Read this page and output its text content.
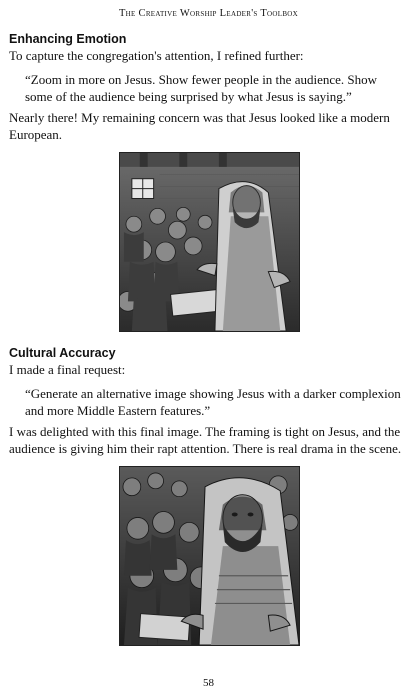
The Creative Worship Leader's Toolbox
Enhancing Emotion

To capture the congregation's attention, I refined further:

“Zoom in more on Jesus. Show fewer people in the audience. Show some of the audience being surprised by what Jesus is saying.”

Nearly there! My remaining concern was that Jesus looked like a modern European.

Cultural Accuracy

I made a final request:

“Generate an alternative image showing Jesus with a darker complexion and more Middle Eastern features.”

I was delighted with this final image. The framing is tight on Jesus, and the audience is giving him their rapt attention. There is real drama in the scene.

58
